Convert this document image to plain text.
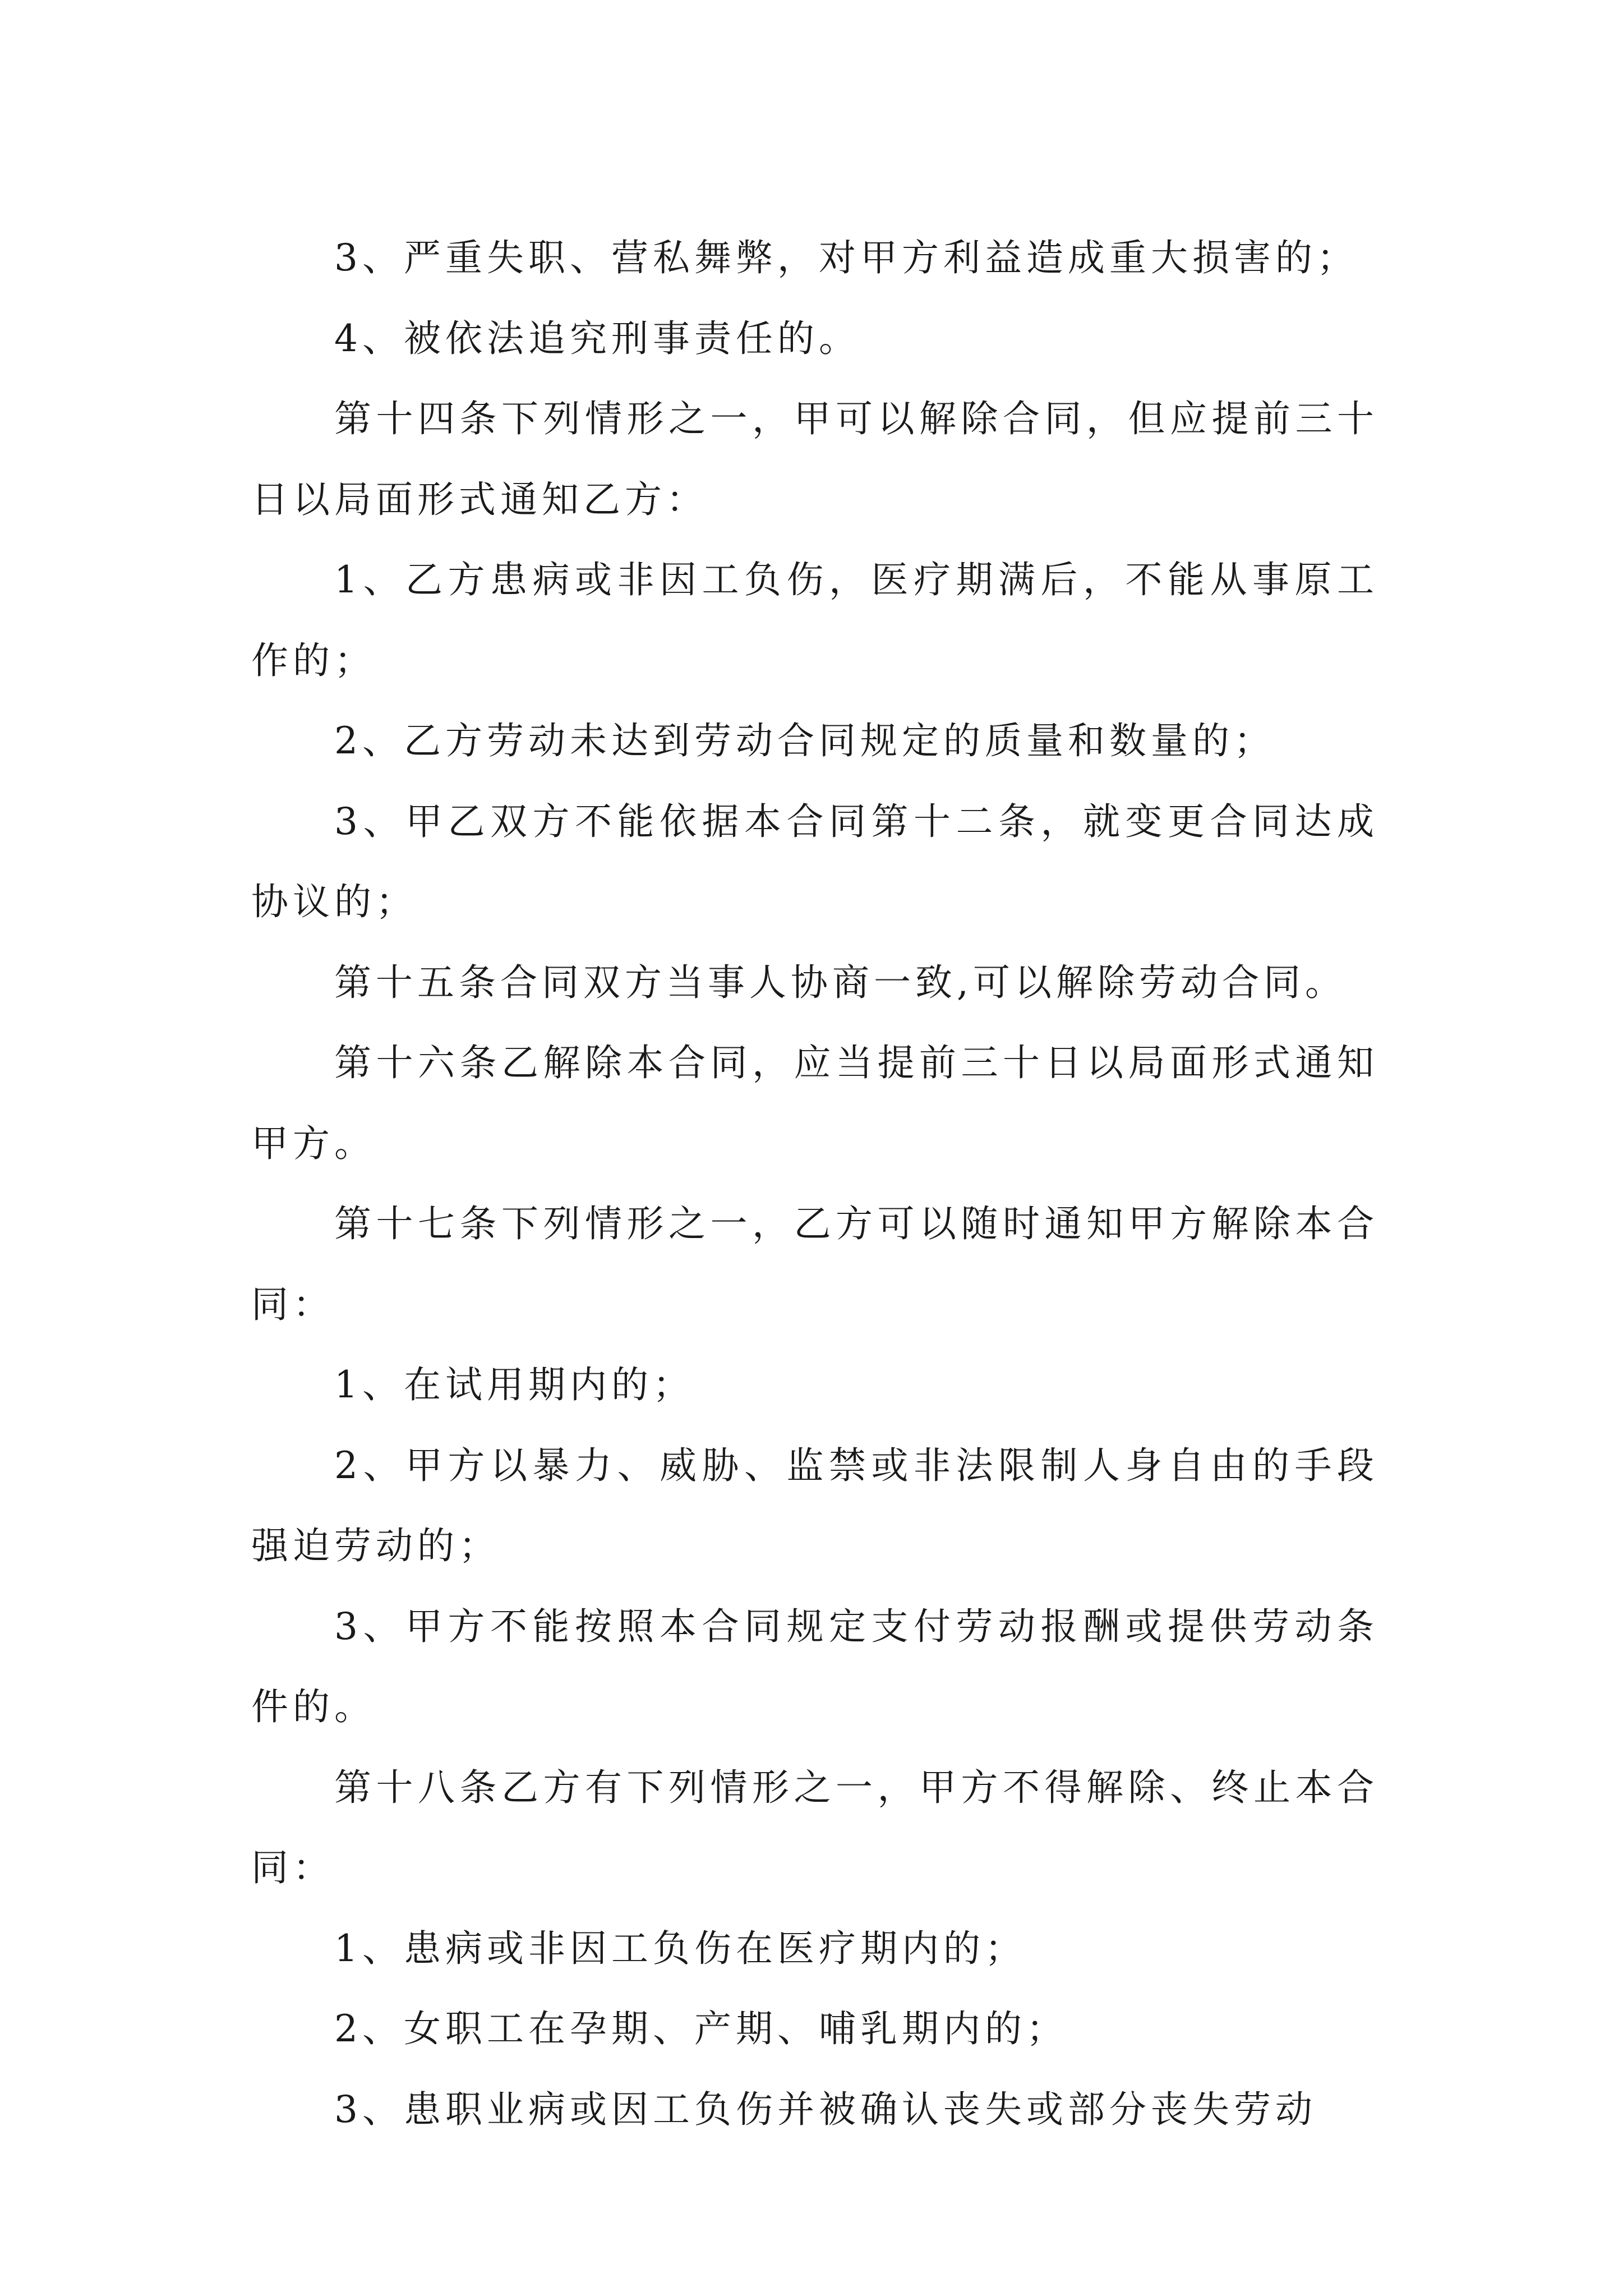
3、严重失职、营私舞弊，对甲方利益造成重大损害的；

4、被依法追究刑事责任的。

第十四条下列情形之一，甲可以解除合同，但应提前三十日以局面形式通知乙方：

1、乙方患病或非因工负伤，医疗期满后，不能从事原工作的；

2、乙方劳动未达到劳动合同规定的质量和数量的；

3、甲乙双方不能依据本合同第十二条，就变更合同达成协议的；

第十五条合同双方当事人协商一致,可以解除劳动合同。

第十六条乙解除本合同，应当提前三十日以局面形式通知甲方。

第十七条下列情形之一，乙方可以随时通知甲方解除本合同：

1、在试用期内的；

2、甲方以暴力、威胁、监禁或非法限制人身自由的手段强迫劳动的；

3、甲方不能按照本合同规定支付劳动报酬或提供劳动条件的。

第十八条乙方有下列情形之一，甲方不得解除、终止本合同：

1、患病或非因工负伤在医疗期内的；

2、女职工在孕期、产期、哺乳期内的；

3、患职业病或因工负伤并被确认丧失或部分丧失劳动
